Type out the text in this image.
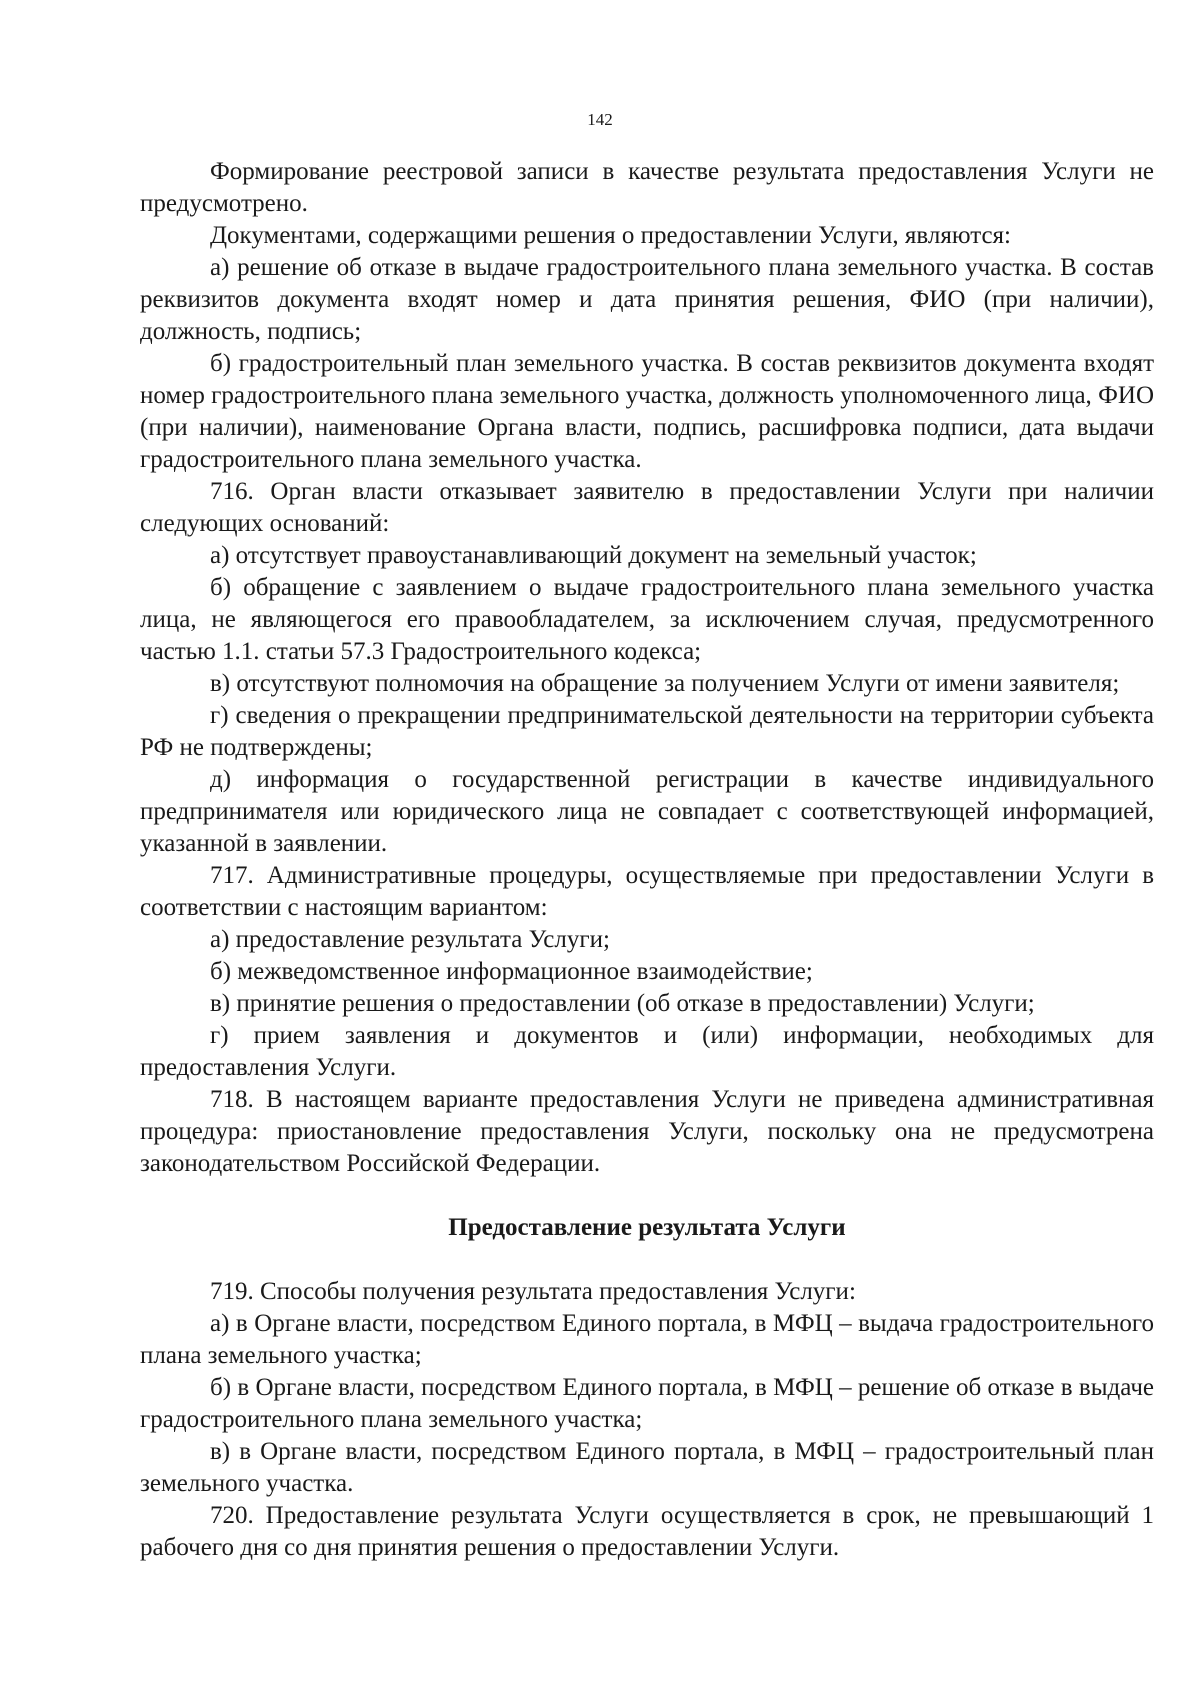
142

Формирование реестровой записи в качестве результата предоставления Услуги не предусмотрено.

Документами, содержащими решения о предоставлении Услуги, являются:

а) решение об отказе в выдаче градостроительного плана земельного участка. В состав реквизитов документа входят номер и дата принятия решения, ФИО (при наличии), должность, подпись;

б) градостроительный план земельного участка. В состав реквизитов документа входят номер градостроительного плана земельного участка, должность уполномоченного лица, ФИО (при наличии), наименование Органа власти, подпись, расшифровка подписи, дата выдачи градостроительного плана земельного участка.

716. Орган власти отказывает заявителю в предоставлении Услуги при наличии следующих оснований:

а) отсутствует правоустанавливающий документ на земельный участок;

б) обращение с заявлением о выдаче градостроительного плана земельного участка лица, не являющегося его правообладателем, за исключением случая, предусмотренного частью 1.1. статьи 57.3 Градостроительного кодекса;

в) отсутствуют полномочия на обращение за получением Услуги от имени заявителя;

г) сведения о прекращении предпринимательской деятельности на территории субъекта РФ не подтверждены;

д) информация о государственной регистрации в качестве индивидуального предпринимателя или юридического лица не совпадает с соответствующей информацией, указанной в заявлении.

717. Административные процедуры, осуществляемые при предоставлении Услуги в соответствии с настоящим вариантом:

а) предоставление результата Услуги;

б) межведомственное информационное взаимодействие;

в) принятие решения о предоставлении (об отказе в предоставлении) Услуги;

г) прием заявления и документов и (или) информации, необходимых для предоставления Услуги.

718. В настоящем варианте предоставления Услуги не приведена административная процедура: приостановление предоставления Услуги, поскольку она не предусмотрена законодательством Российской Федерации.

Предоставление результата Услуги

719. Способы получения результата предоставления Услуги:

а) в Органе власти, посредством Единого портала, в МФЦ – выдача градостроительного плана земельного участка;

б) в Органе власти, посредством Единого портала, в МФЦ – решение об отказе в выдаче градостроительного плана земельного участка;

в) в Органе власти, посредством Единого портала, в МФЦ – градостроительный план земельного участка.

720. Предоставление результата Услуги осуществляется в срок, не превышающий 1 рабочего дня со дня принятия решения о предоставлении Услуги.
